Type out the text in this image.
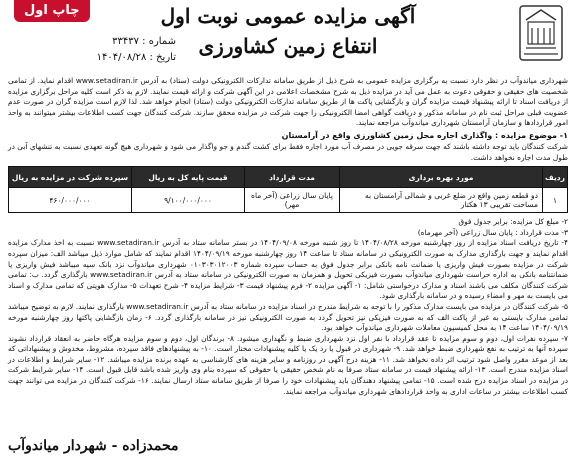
چاپ اول	آگهی مزایده عمومی نوبت اول
انتفاع زمین کشاورزی
شماره : ۳۳۴۳۷
تاریخ : ۱۴۰۴/۰۸/۲۸

شهرداری میاندوآب در نظر دارد نسبت به برگزاری مزایده عمومی به شرح ذیل از طریق سامانه تدارکات الکترونیکی دولت (ستاد) به آدرس www.setadiran.ir اقدام نماید. از تمامی شخصیت های حقیقی و حقوقی دعوت به عمل می آید در مزایده ذیل به شرح مشخصات اعلامی در این آگهی شرکت و ارائه قیمت نمایند. لازم به ذکر است کلیه مراحل برگزاری مزایده از دریافت اسناد تا ارائه پیشنهاد قیمت مزایده گران و بازگشایی پاکت ها از طریق سامانه تدارکات الکترونیکی دولت (ستاد) انجام خواهد شد. لذا لازم است مزایده گران در صورت عدم عضویت قبلی مراحل ثبت نام در سامانه مذکور و دریافت گواهی امضا الکترونیکی را جهت شرکت در مزایده محقق سازند. شرکت کنندگان جهت کسب اطلاعات بیشتر میتوانند به واحد امور قراردادها و سازمان آرامستان شهرداری میاندوآب مراجعه نمایند.

۱- موضوع مزایده : واگذاری اجاره محل زمین کشاورزی واقع در آرامستان

شرکت کنندگان باید توجه داشته باشند که جهت سرقه جویی در مصرف آب مورد اجاره فقط برای کشت گندم و جو واگذار می شود و شهرداری هیچ گونه تعهدی نسبت به تنشهای آبی در طول مدت اجاره نخواهد داشت.

ردیف	مورد بهره برداری	مدت قرارداد	قیمت پایه کل به ریال	سپرده شرکت در مزایده به ریال
۱	دو قطعه زمین واقع در ضلع غربی و شمالی آرامستان به مساحت تقریبی ۱۳ هکتار	پایان سال زراعی (آخر ماه مهر)	۹/۱۰۰/۰۰۰/۰۰۰	۴۶۰/۰۰۰/۰۰۰
۲- مبلغ کل مزایده: برابر جدول فوق
۳- مدت قرارداد : پایان سال زراعی (آخر مهرماه)
۴- تاریخ دریافت اسناد مزایده از روز چهارشنبه مورخه ۱۴۰۴/۰۸/۲۸ تا روز شنبه مورخه ۱۴۰۴/۰۹/۰۸ در بستر سامانه ستاد به آدرس www.setadiran.ir نسبت به اخذ مدارک مزایده اقدام نمایند و جهت بارگذاری مدارک به صورت الکترونیکی در سامانه ستاد تا ساعت ۱۴ روز چهارشنبه مورخه ۱۴۰۴/۰۹/۱۹ اقدام نمایند که شامل موارد ذیل میباشد الف: میزان سپرده شرکت در مزایده بصورت فیش واریزی یا ضمانت نامه بانکی برابر جدول فوق به حساب سپرده شماره ۰۱۰۳۰۳۰۱۲۰۰۳ شهرداری میاندوآب نزد بانک سپه میباشد فیش واریزی یا ضمانتنامه بانکی به اداره حراست شهرداری میاندوآب بصورت فیزیکی تحویل و همزمان به صورت الکترونیکی در سامانه ستاد به آدرس www.setadiran.ir بارگذاری گردد. ب: تمامی شرکت کنندگان مکلف می باشند اسناد و مدارک درخواستی شامل: ۱- آگهی مزایده ۲- فرم پیشنهاد قیمت ۳- شرایط مزایده ۴- شرح تعهدات ۵- مدارک هویتی که تمامی مدارک و اسناد می بایست به مهر و امضاء رسیده و در سامانه بارگذاری شود.
۵- شرکت کنندگان در مزایده می بایست مدارک مذکور را با توجه به شرایط مندرج در اسناد مزایده در سامانه ستاد به آدرس www.setadiran.ir بارگذاری نمایند. لازم به توضیح میباشد تمامی مدارک بایستی به غیر از پاکت الف که به صورت فیزیکی نیز تحویل گردد به صورت الکترونیکی نیز در سامانه بارگذاری گردد. ۶- زمان بازگشایی پاکتها روز چهارشنبه مورخه ۱۴۰۴/۰۹/۱۹ ساعت ۱۴ به محل کمیسیون معاملات شهرداری میاندوآب خواهد بود.
۷- سپرده نفرات اول، دوم و سوم مزایده تا عقد قرارداد با نفر اول نزد شهرداری ضبط و نگهداری میشود. ۸- برندگان اول، دوم و سوم مزایده هرگاه حاضر به انعقاد قرارداد نشوند سپرده آنها به ترتیب به نفع شهرداری ضبط خواهد شد. ۹- شهرداری در قبول یا رد یک یا کلیه پیشنهادات مختار است. ۱۰- به پیشنهادهای فاقد سپرده، مشروط، مخدوش و پیشنهاداتی که بعد از موعد مقرر واصل شود ترتیب اثر داده نخواهد شد. ۱۱- هزینه درج آگهی در روزنامه و سایر هزینه های کارشناسی به عهده برنده مزایده میباشد. ۱۲- سایر شرایط و اطلاعات در اسناد مزایده مندرج است. ۱۳- ارائه پیشنهاد قیمت در سامانه ستاد صرفا به نام شخص حقیقی یا حقوقی که سپرده بنام وی واریز شده باشد قابل قبول است. ۱۴- سایر شرایط شرکت در مزایده در اسناد مزایده درج شده است. ۱۵- تمامی پیشنهاد دهندگان باید پیشنهادات خود را صرفا از طریق سامانه ستاد ارسال نمایند. ۱۶- شرکت کنندگان در مزایده می توانند جهت کسب اطلاعات بیشتر در ساعات اداری به واحد قراردادهای شهرداری میاندوآب مراجعه نمایند.
محمدزاده - شهردار میاندوآب
